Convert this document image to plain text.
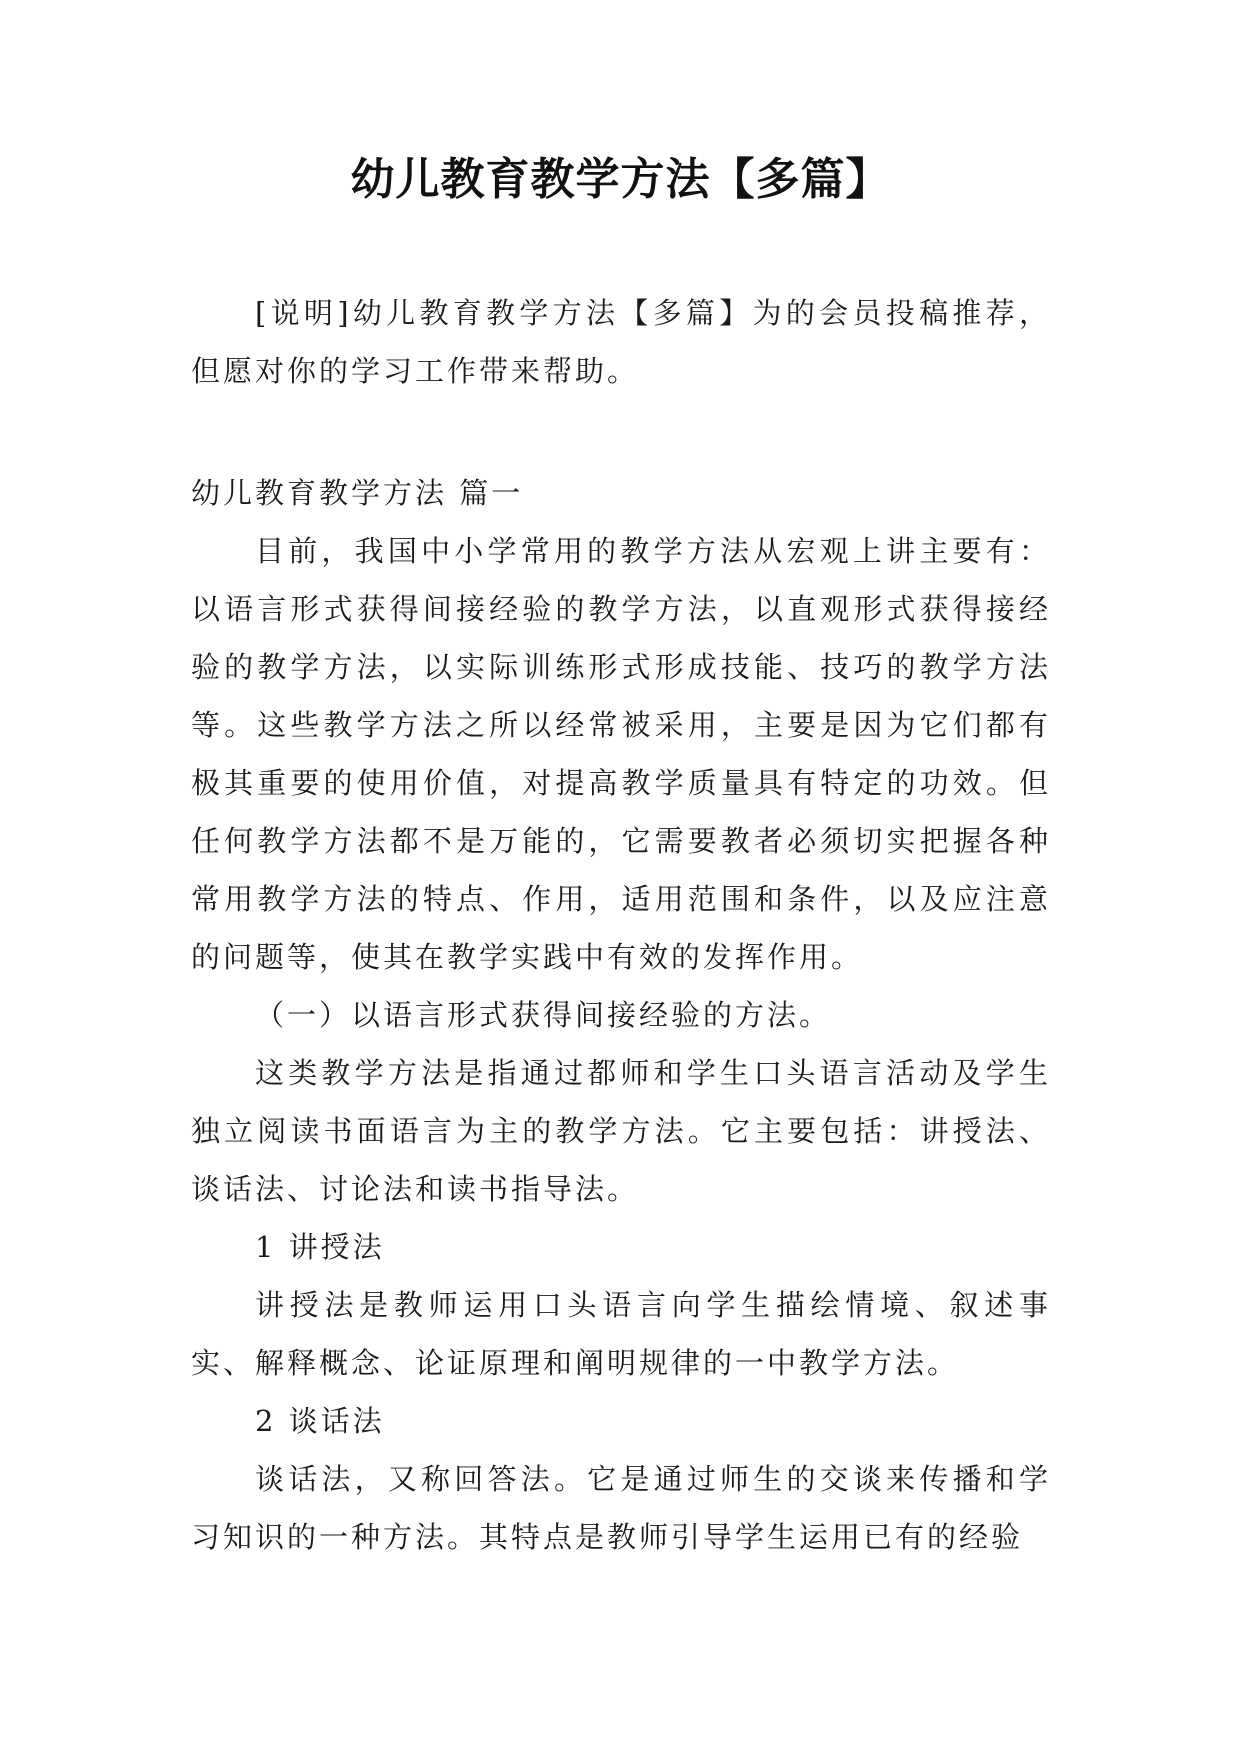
幼儿教育教学方法【多篇】

[说明]幼儿教育教学方法【多篇】为的会员投稿推荐，但愿对你的学习工作带来帮助。

幼儿教育教学方法 篇一

目前，我国中小学常用的教学方法从宏观上讲主要有：以语言形式获得间接经验的教学方法，以直观形式获得接经验的教学方法，以实际训练形式形成技能、技巧的教学方法等。这些教学方法之所以经常被采用，主要是因为它们都有极其重要的使用价值，对提高教学质量具有特定的功效。但任何教学方法都不是万能的，它需要教者必须切实把握各种常用教学方法的特点、作用，适用范围和条件，以及应注意的问题等，使其在教学实践中有效的发挥作用。

（一）以语言形式获得间接经验的方法。

这类教学方法是指通过都师和学生口头语言活动及学生独立阅读书面语言为主的教学方法。它主要包括：讲授法、谈话法、讨论法和读书指导法。

1 讲授法

讲授法是教师运用口头语言向学生描绘情境、叙述事实、解释概念、论证原理和阐明规律的一中教学方法。

2 谈话法

谈话法，又称回答法。它是通过师生的交谈来传播和学习知识的一种方法。其特点是教师引导学生运用已有的经验
